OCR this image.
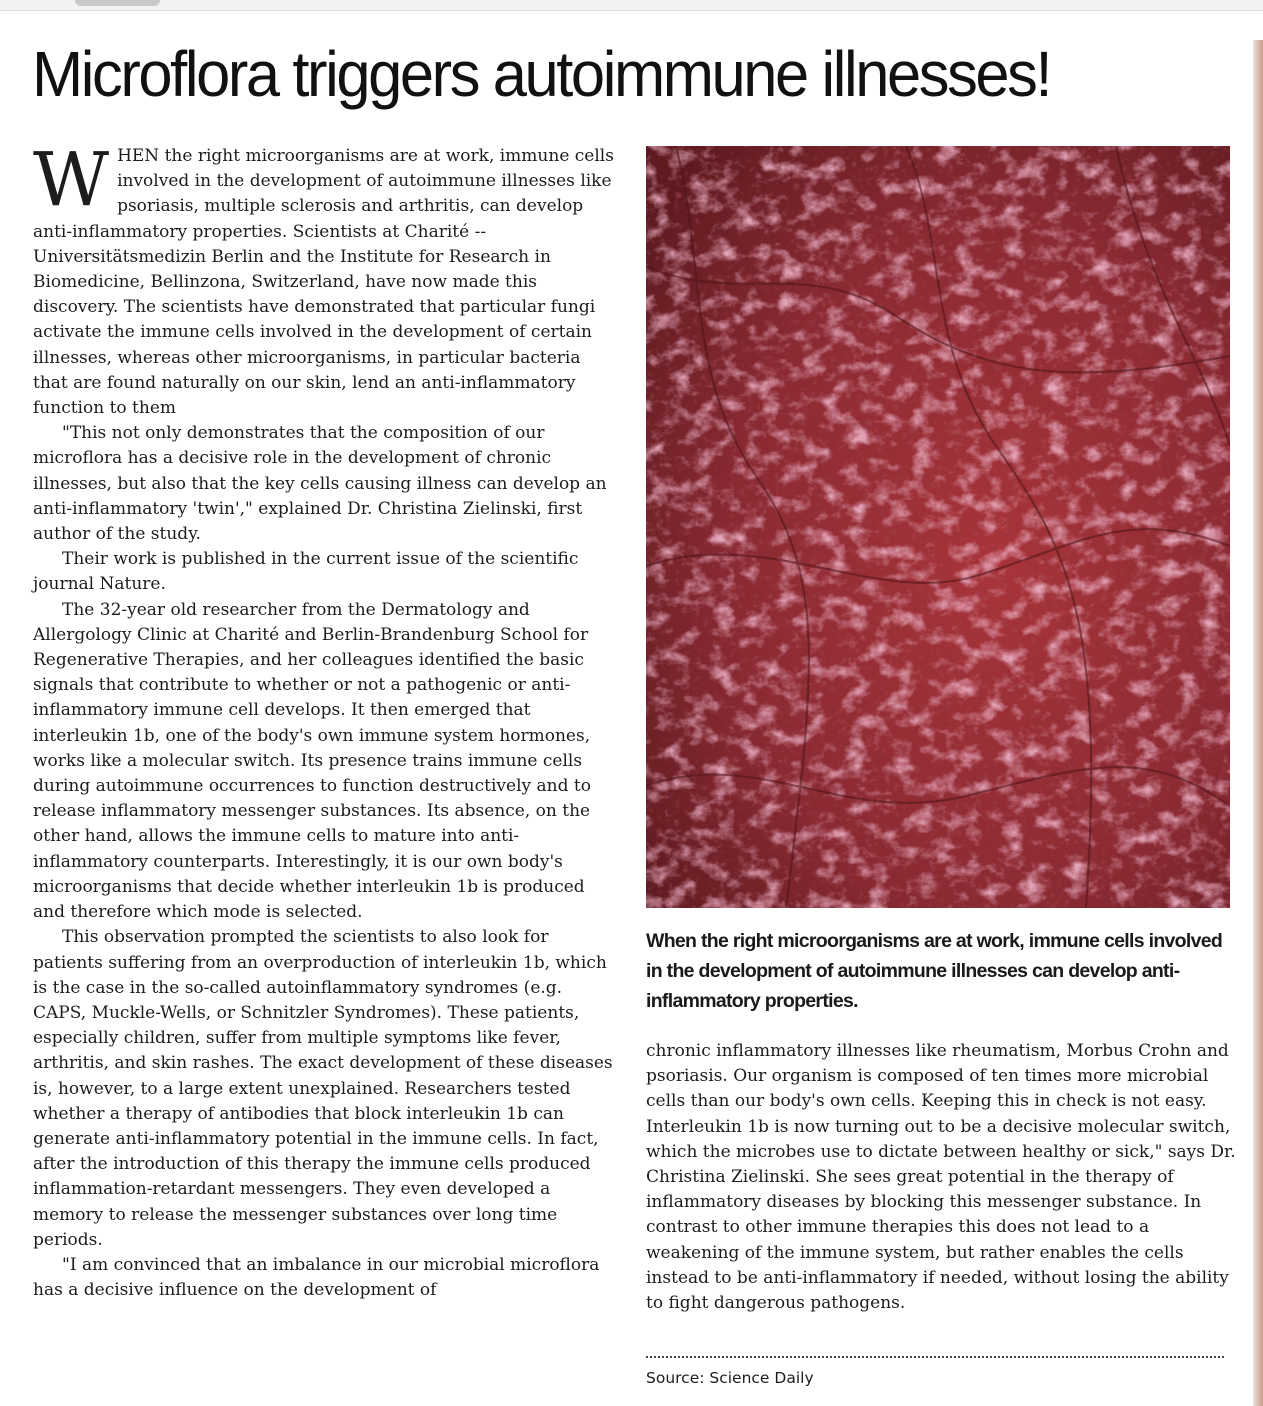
Microflora triggers autoimmune illnesses!

WHEN the right microorganisms are at work, immune cells involved in the development of autoimmune illnesses like psoriasis, multiple sclerosis and arthritis, can develop anti-inflammatory properties. Scientists at Charité -- Universitätsmedizin Berlin and the Institute for Research in Biomedicine, Bellinzona, Switzerland, have now made this discovery. The scientists have demonstrated that particular fungi activate the immune cells involved in the development of certain illnesses, whereas other microorganisms, in particular bacteria that are found naturally on our skin, lend an anti-inflammatory function to them

"This not only demonstrates that the composition of our microflora has a decisive role in the development of chronic illnesses, but also that the key cells causing illness can develop an anti-inflammatory 'twin'," explained Dr. Christina Zielinski, first author of the study.

Their work is published in the current issue of the scientific journal Nature.

The 32-year old researcher from the Dermatology and Allergology Clinic at Charité and Berlin-Brandenburg School for Regenerative Therapies, and her colleagues identified the basic signals that contribute to whether or not a pathogenic or anti-inflammatory immune cell develops. It then emerged that interleukin 1b, one of the body's own immune system hormones, works like a molecular switch. Its presence trains immune cells during autoimmune occurrences to function destructively and to release inflammatory messenger substances. Its absence, on the other hand, allows the immune cells to mature into anti-inflammatory counterparts. Interestingly, it is our own body's microorganisms that decide whether interleukin 1b is produced and therefore which mode is selected.

This observation prompted the scientists to also look for patients suffering from an overproduction of interleukin 1b, which is the case in the so-called autoinflammatory syndromes (e.g. CAPS, Muckle-Wells, or Schnitzler Syndromes). These patients, especially children, suffer from multiple symptoms like fever, arthritis, and skin rashes. The exact development of these diseases is, however, to a large extent unexplained. Researchers tested whether a therapy of antibodies that block interleukin 1b can generate anti-inflammatory potential in the immune cells. In fact, after the introduction of this therapy the immune cells produced inflammation-retardant messengers. They even developed a memory to release the messenger substances over long time periods.

"I am convinced that an imbalance in our microbial microflora has a decisive influence on the development of

When the right microorganisms are at work, immune cells involved in the development of autoimmune illnesses can develop anti-inflammatory properties.

chronic inflammatory illnesses like rheumatism, Morbus Crohn and psoriasis. Our organism is composed of ten times more microbial cells than our body's own cells. Keeping this in check is not easy. Interleukin 1b is now turning out to be a decisive molecular switch, which the microbes use to dictate between healthy or sick," says Dr. Christina Zielinski. She sees great potential in the therapy of inflammatory diseases by blocking this messenger substance. In contrast to other immune therapies this does not lead to a weakening of the immune system, but rather enables the cells instead to be anti-inflammatory if needed, without losing the ability to fight dangerous pathogens.

Source: Science Daily
